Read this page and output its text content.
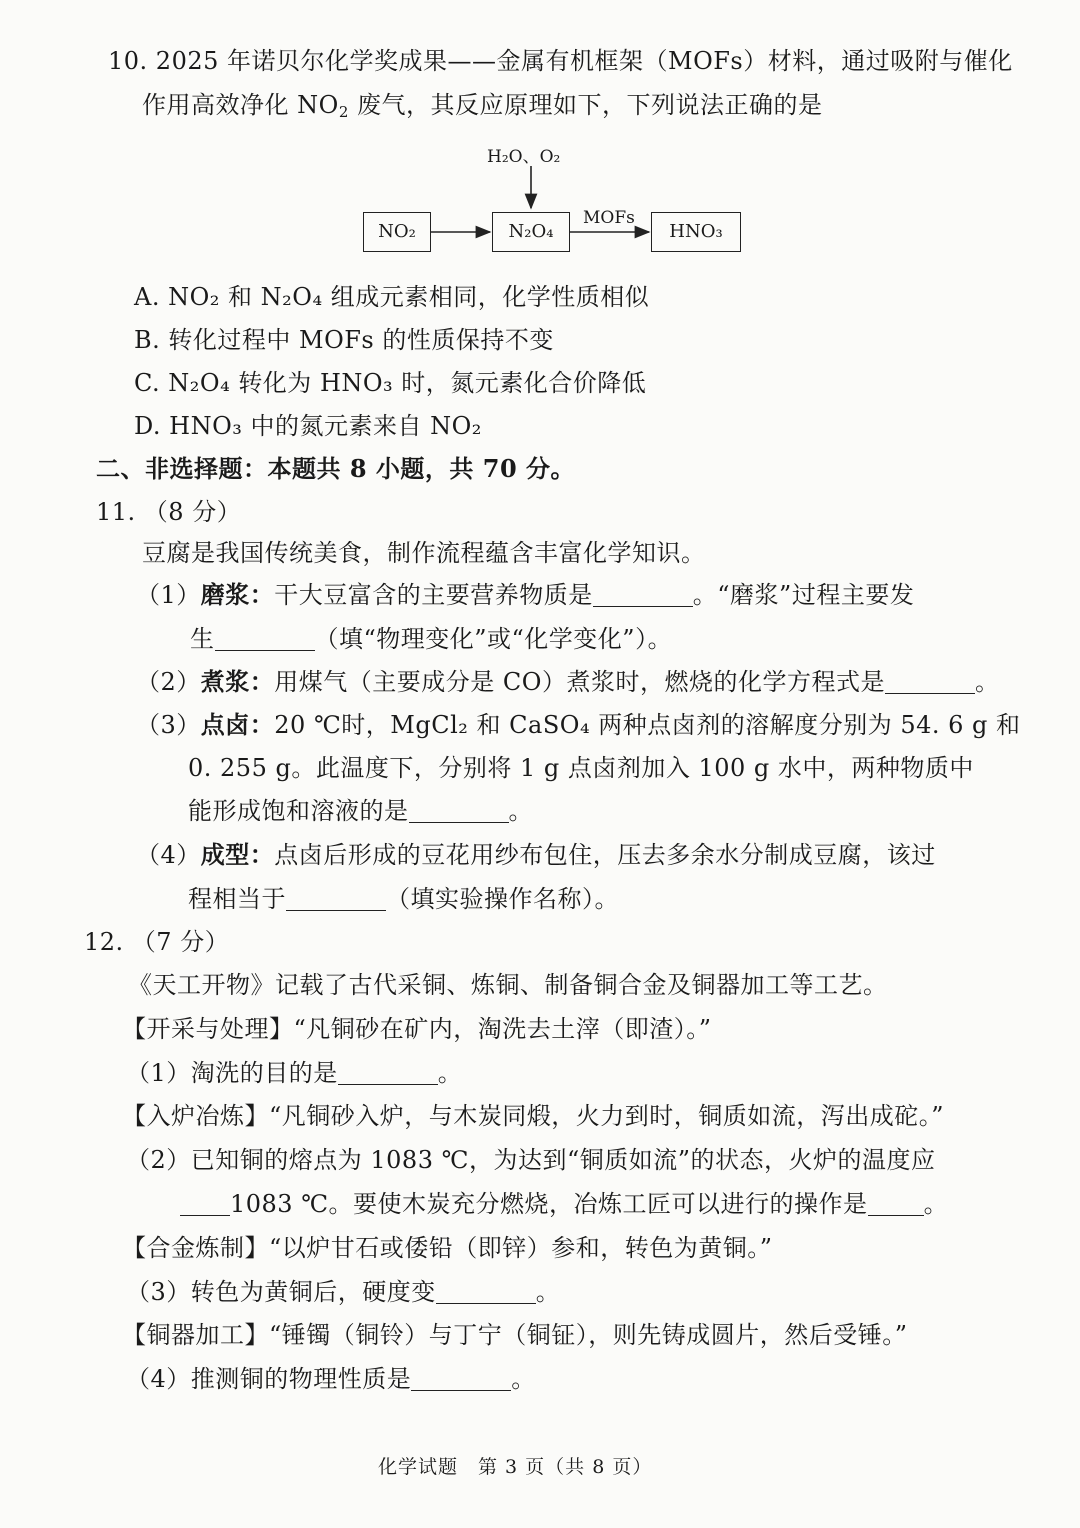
10. 2025 年诺贝尔化学奖成果——金属有机框架（MOFs）材料，通过吸附与催化
作用高效净化 $NO_2$ 废气，其反应原理如下，下列说法正确的是
H₂O、O₂
NO₂	N₂O₄
MOFs
HNO₃
A. NO₂ 和 N₂O₄ 组成元素相同，化学性质相似
B. 转化过程中 MOFs 的性质保持不变
C. N₂O₄ 转化为 HNO₃ 时，氮元素化合价降低
D. HNO₃ 中的氮元素来自 NO₂
二、非选择题：本题共 8 小题，共 70 分。
11. （8 分）
豆腐是我国传统美食，制作流程蕴含丰富化学知识。
（1）磨浆：干大豆富含的主要营养物质是	。“磨浆”过程主要发
生	（填“物理变化”或“化学变化”）。
（2）煮浆：用煤气（主要成分是 CO）煮浆时，燃烧的化学方程式是	。
（3）点卤：20 ℃时，MgCl₂ 和 CaSO₄ 两种点卤剂的溶解度分别为 54. 6 g 和
0. 255 g。此温度下，分别将 1 g 点卤剂加入 100 g 水中，两种物质中
能形成饱和溶液的是	。
（4）成型：点卤后形成的豆花用纱布包住，压去多余水分制成豆腐，该过
程相当于	（填实验操作名称）。
12. （7 分）
《天工开物》记载了古代采铜、炼铜、制备铜合金及铜器加工等工艺。
【开采与处理】“凡铜砂在矿内，淘洗去土滓（即渣）。”
（1）淘洗的目的是	。
【入炉冶炼】“凡铜砂入炉，与木炭同煅，火力到时，铜质如流，泻出成砣。”
（2）已知铜的熔点为 1083 ℃，为达到“铜质如流”的状态，火炉的温度应
1083 ℃。要使木炭充分燃烧，冶炼工匠可以进行的操作是 。
【合金炼制】“以炉甘石或倭铅（即锌）参和，转色为黄铜。”
（3）转色为黄铜后，硬度变	。
【铜器加工】“锤镯（铜铃）与丁宁（铜钲），则先铸成圆片，然后受锤。”
（4）推测铜的物理性质是	。
化学试题　第 3 页（共 8 页）
